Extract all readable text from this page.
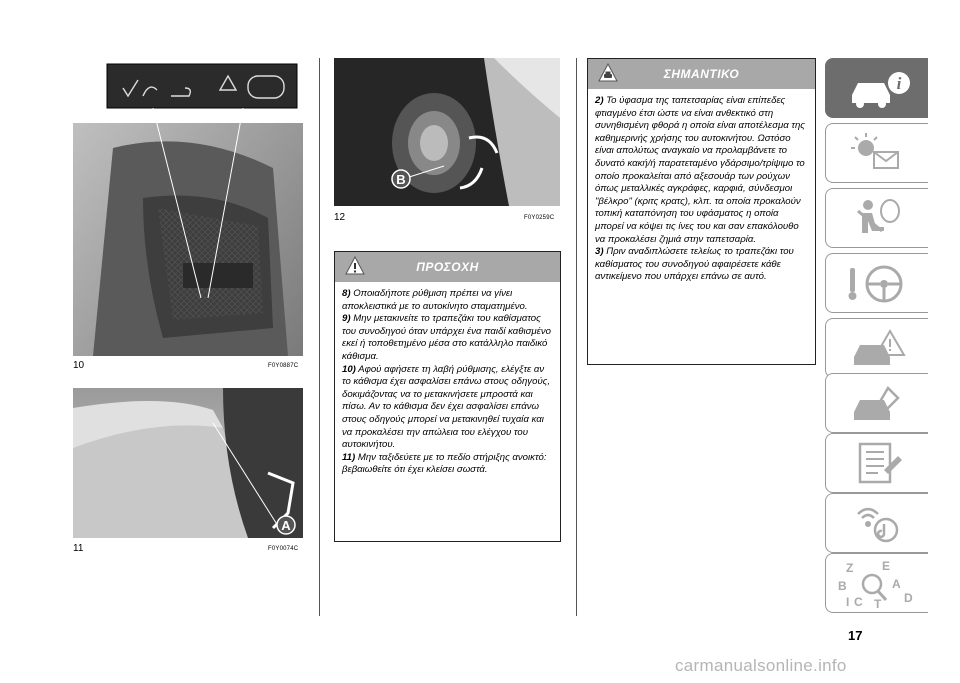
10	F0Y0887C
A
11	F0Y0074C
B
12	F0Y0259C
ΠΡΟΣΟΧΗ

8) Οποιαδήποτε ρύθμιση πρέπει να γίνει αποκλειστικά με το αυτοκίνητο σταματημένο.

9) Μην μετακινείτε το τραπεζάκι του καθίσματος του συνοδηγού όταν υπάρχει ένα παιδί καθισμένο εκεί ή τοποθετημένο μέσα στο κατάλληλο παιδικό κάθισμα.

10) Αφού αφήσετε τη λαβή ρύθμισης, ελέγξτε αν το κάθισμα έχει ασφαλίσει επάνω στους οδηγούς, δοκιμάζοντας να το μετακινήσετε μπροστά και πίσω. Αν το κάθισμα δεν έχει ασφαλίσει επάνω στους οδηγούς μπορεί να μετακινηθεί τυχαία και να προκαλέσει την απώλεια του ελέγχου του αυτοκινήτου.

11) Μην ταξιδεύετε με το πεδίο στήριξης ανοικτό: βεβαιωθείτε ότι έχει κλείσει σωστά.

ΣΗΜΑΝΤΙΚΟ

2) Το ύφασμα της ταπετσαρίας είναι επίπεδες φτιαγμένο έτσι ώστε να είναι ανθεκτικό στη συνηθισμένη φθορά η οποία είναι αποτέλεσμα της καθημερινής χρήσης του αυτοκινήτου. Ωστόσο είναι απολύτως αναγκαίο να προλαμβάνετε το δυνατό κακή/ή παρατεταμένο γδάρσιμο/τρίψιμο το οποίο προκαλείται από αξεσουάρ των ρούχων όπως μεταλλικές αγκράφες, καρφιά, σύνδεσμοι "βέλκρο" (κριτς κρατς), κλπ. τα οποία προκαλούν τοπική καταπόνηση του υφάσματος η οποία μπορεί να κόψει τις ίνες του και σαν επακόλουθο να προκαλέσει ζημιά στην ταπετσαρία.

3) Πριν αναδιπλώσετε τελείως το τραπεζάκι του καθίσματος του συνοδηγού αφαιρέσετε κάθε αντικείμενο που υπάρχει επάνω σε αυτό.

i
Z E
B	A
C T D
I
17
carmanualsonline.info
